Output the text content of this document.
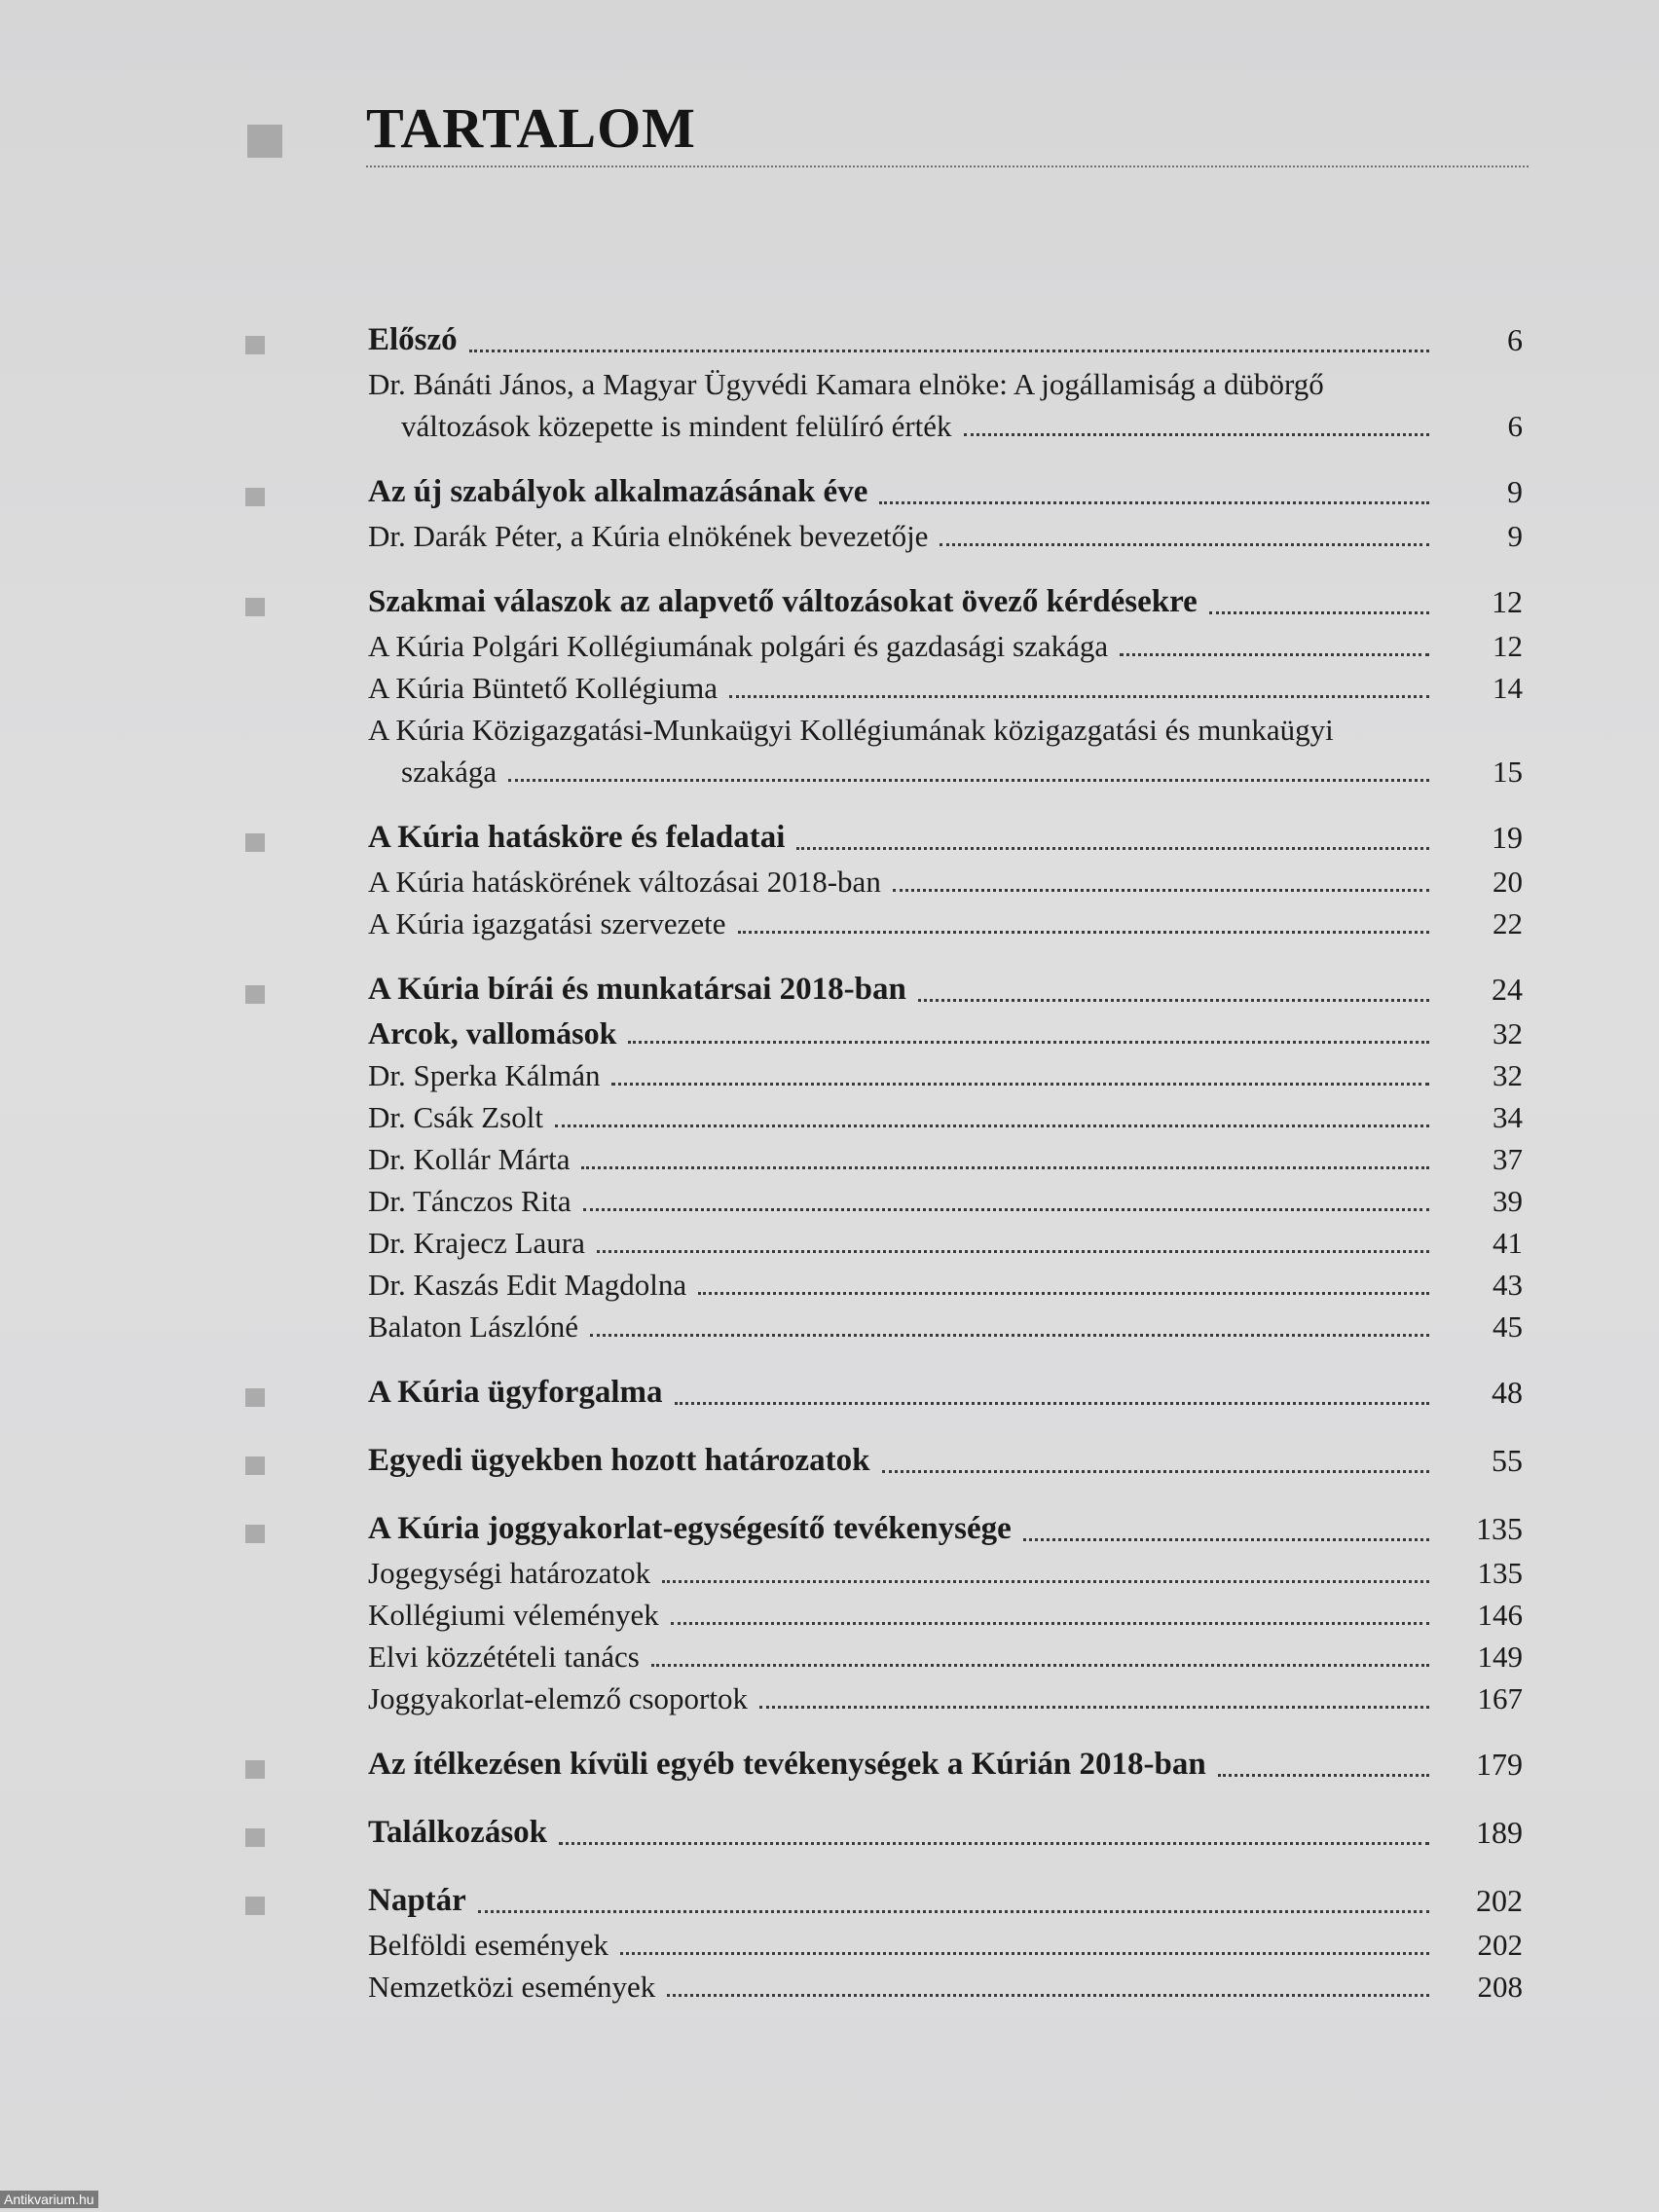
TARTALOM
Előszó	6
Dr. Bánáti János, a Magyar Ügyvédi Kamara elnöke: A jogállamiság a dübörgő
változások közepette is mindent felülíró érték	6
Az új szabályok alkalmazásának éve	9
Dr. Darák Péter, a Kúria elnökének bevezetője	9
Szakmai válaszok az alapvető változásokat övező kérdésekre	12
A Kúria Polgári Kollégiumának polgári és gazdasági szakága	12
A Kúria Büntető Kollégiuma	14
A Kúria Közigazgatási-Munkaügyi Kollégiumának közigazgatási és munkaügyi
szakága	15
A Kúria hatásköre és feladatai	19
A Kúria hatáskörének változásai 2018-ban	20
A Kúria igazgatási szervezete	22
A Kúria bírái és munkatársai 2018-ban	24
Arcok, vallomások	32
Dr. Sperka Kálmán	32
Dr. Csák Zsolt	34
Dr. Kollár Márta	37
Dr. Tánczos Rita	39
Dr. Krajecz Laura	41
Dr. Kaszás Edit Magdolna	43
Balaton Lászlóné	45
A Kúria ügyforgalma	48
Egyedi ügyekben hozott határozatok	55
A Kúria joggyakorlat-egységesítő tevékenysége	135
Jogegységi határozatok	135
Kollégiumi vélemények	146
Elvi közzétételi tanács	149
Joggyakorlat-elemző csoportok	167
Az ítélkezésen kívüli egyéb tevékenységek a Kúrián 2018-ban	179
Találkozások	189
Naptár	202
Belföldi események	202
Nemzetközi események	208
Antikvarium.hu
